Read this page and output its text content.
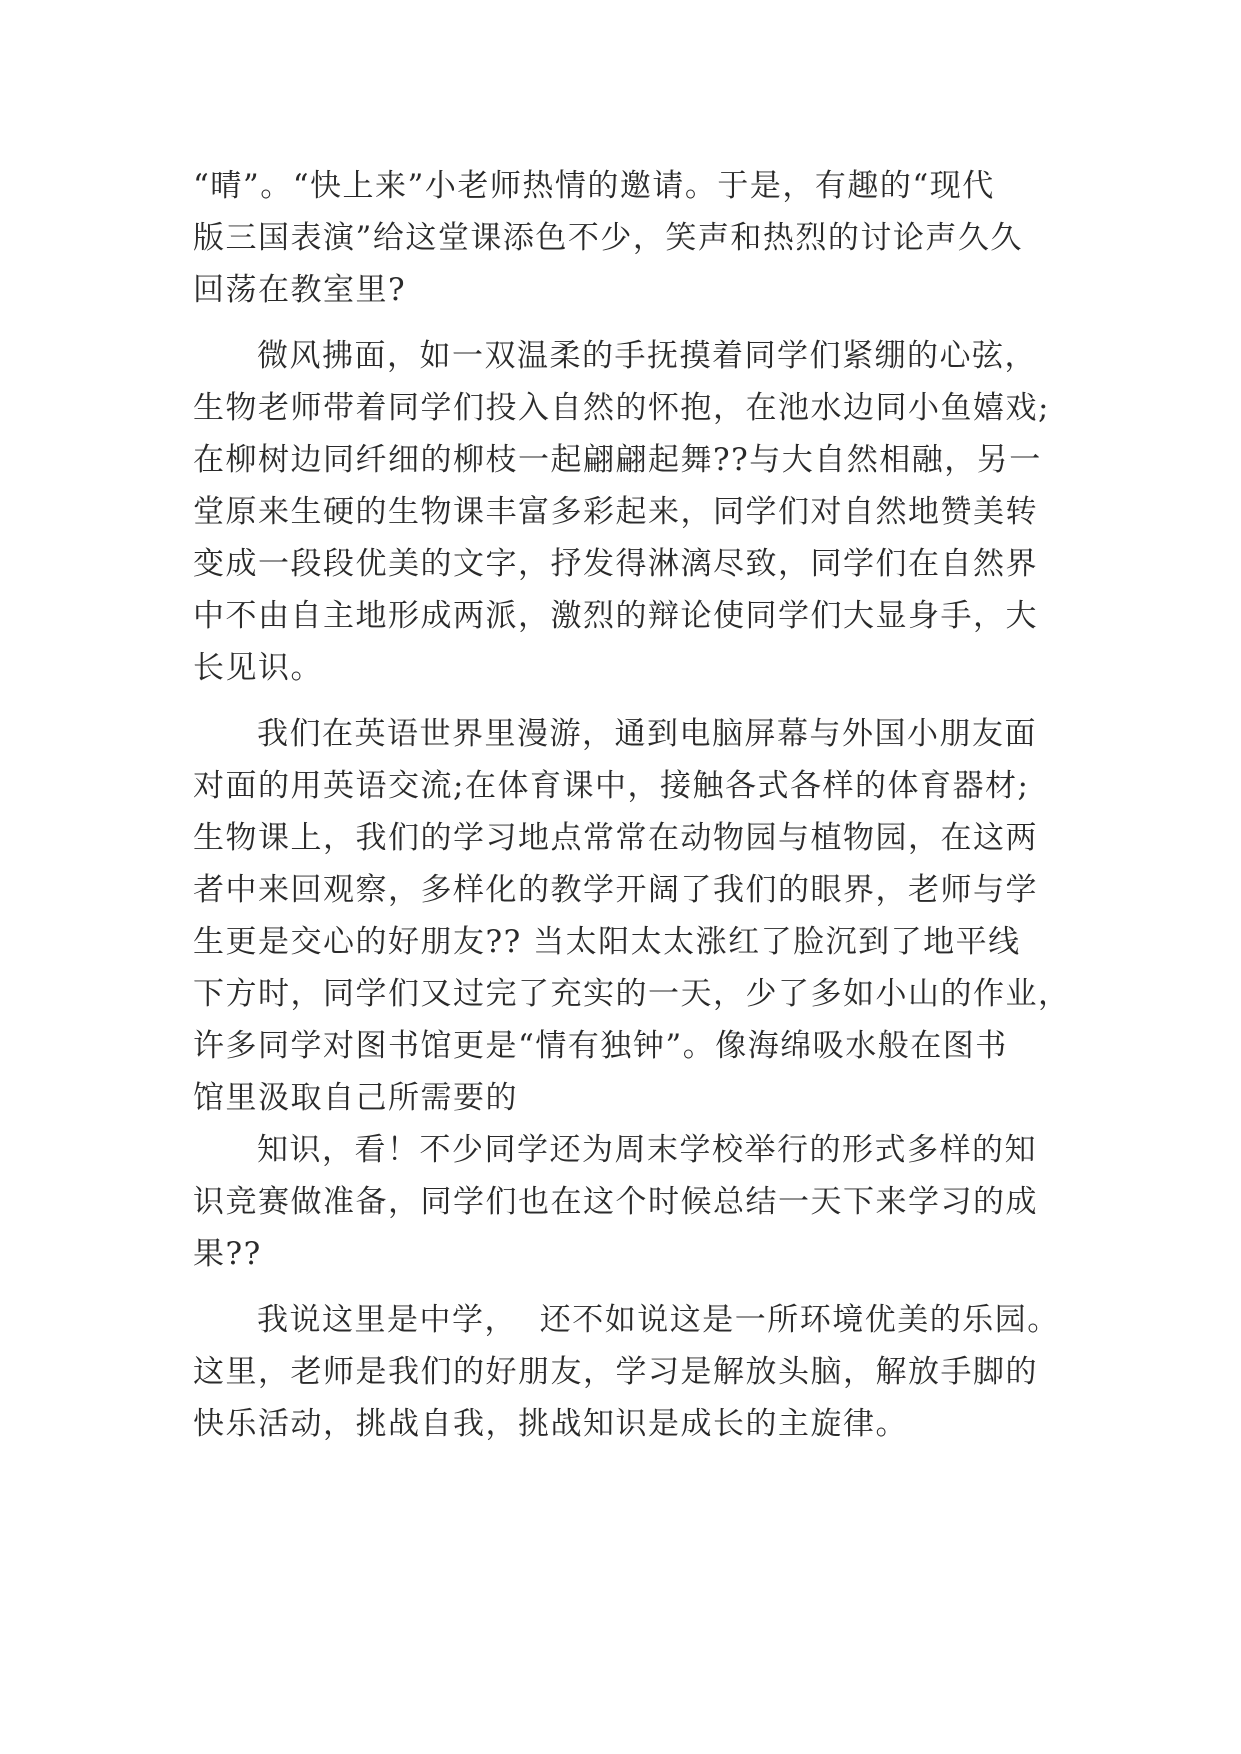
“晴”。“快上来”小老师热情的邀请。于是，有趣的“现代
版三国表演”给这堂课添色不少，笑声和热烈的讨论声久久
回荡在教室里?
微风拂面，如一双温柔的手抚摸着同学们紧绷的心弦，
生物老师带着同学们投入自然的怀抱，在池水边同小鱼嬉戏;
在柳树边同纤细的柳枝一起翩翩起舞??与大自然相融，另一
堂原来生硬的生物课丰富多彩起来，同学们对自然地赞美转
变成一段段优美的文字，抒发得淋漓尽致，同学们在自然界
中不由自主地形成两派，激烈的辩论使同学们大显身手，大
长见识。
我们在英语世界里漫游，通到电脑屏幕与外国小朋友面
对面的用英语交流;在体育课中，接触各式各样的体育器材;
生物课上，我们的学习地点常常在动物园与植物园，在这两
者中来回观察，多样化的教学开阔了我们的眼界，老师与学
生更是交心的好朋友?? 当太阳太太涨红了脸沉到了地平线
下方时，同学们又过完了充实的一天，少了多如小山的作业，
许多同学对图书馆更是“情有独钟”。像海绵吸水般在图书
馆里汲取自己所需要的
知识，看！不少同学还为周末学校举行的形式多样的知
识竞赛做准备，同学们也在这个时候总结一天下来学习的成
果??
我说这里是中学，  还不如说这是一所环境优美的乐园。
这里，老师是我们的好朋友，学习是解放头脑，解放手脚的
快乐活动，挑战自我，挑战知识是成长的主旋律。
